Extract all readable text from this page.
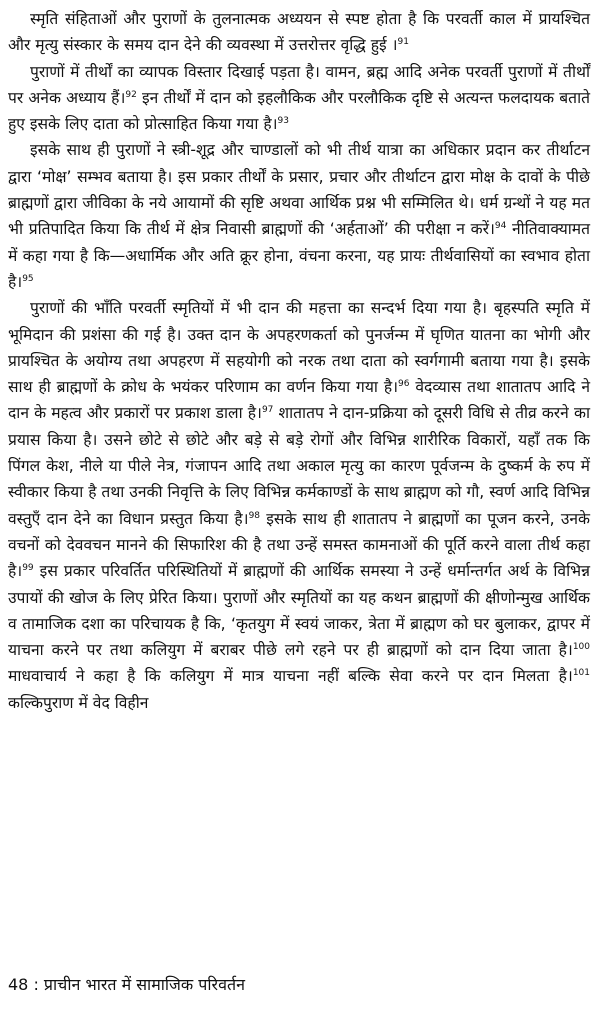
स्मृति संहिताओं और पुराणों के तुलनात्मक अध्ययन से स्पष्ट होता है कि परवर्ती काल में प्रायश्चित और मृत्यु संस्कार के समय दान देने की व्यवस्था में उत्तरोत्तर वृद्धि हुई ।$^{91}$

पुराणों में तीर्थों का व्यापक विस्तार दिखाई पड़ता है। वामन, ब्रह्म आदि अनेक परवर्ती पुराणों में तीर्थों पर अनेक अध्याय हैं।$^{92}$ इन तीर्थों में दान को इहलौकिक और परलौकिक दृष्टि से अत्यन्त फलदायक बताते हुए इसके लिए दाता को प्रोत्साहित किया गया है।$^{93}$

इसके साथ ही पुराणों ने स्त्री-शूद्र और चाण्डालों को भी तीर्थ यात्रा का अधिकार प्रदान कर तीर्थाटन द्वारा ‘मोक्ष’ सम्भव बताया है। इस प्रकार तीर्थों के प्रसार, प्रचार और तीर्थाटन द्वारा मोक्ष के दावों के पीछे ब्राह्मणों द्वारा जीविका के नये आयामों की सृष्टि अथवा आर्थिक प्रश्न भी सम्मिलित थे। धर्म ग्रन्थों ने यह मत भी प्रतिपादित किया कि तीर्थ में क्षेत्र निवासी ब्राह्मणों की ‘अर्हताओं’ की परीक्षा न करें।$^{94}$ नीतिवाक्यामत में कहा गया है कि—अधार्मिक और अति क्रूर होना, वंचना करना, यह प्रायः तीर्थवासियों का स्वभाव होता है।$^{95}$

पुराणों की भाँति परवर्ती स्मृतियों में भी दान की महत्ता का सन्दर्भ दिया गया है। बृहस्पति स्मृति में भूमिदान की प्रशंसा की गई है। उक्त दान के अपहरणकर्ता को पुनर्जन्म में घृणित यातना का भोगी और प्रायश्चित के अयोग्य तथा अपहरण में सहयोगी को नरक तथा दाता को स्वर्गगामी बताया गया है। इसके साथ ही ब्राह्मणों के क्रोध के भयंकर परिणाम का वर्णन किया गया है।$^{96}$ वेदव्यास तथा शातातप आदि ने दान के महत्व और प्रकारों पर प्रकाश डाला है।$^{97}$ शातातप ने दान-प्रक्रिया को दूसरी विधि से तीव्र करने का प्रयास किया है। उसने छोटे से छोटे और बड़े से बड़े रोगों और विभिन्न शारीरिक विकारों, यहाँ तक कि पिंगल केश, नीले या पीले नेत्र, गंजापन आदि तथा अकाल मृत्यु का कारण पूर्वजन्म के दुष्कर्म के रुप में स्वीकार किया है तथा उनकी निवृत्ति के लिए विभिन्न कर्मकाण्डों के साथ ब्राह्मण को गौ, स्वर्ण आदि विभिन्न वस्तुएँ दान देने का विधान प्रस्तुत किया है।$^{98}$ इसके साथ ही शातातप ने ब्राह्मणों का पूजन करने, उनके वचनों को देववचन मानने की सिफारिश की है तथा उन्हें समस्त कामनाओं की पूर्ति करने वाला तीर्थ कहा है।$^{99}$ इस प्रकार परिवर्तित परिस्थितियों में ब्राह्मणों की आर्थिक समस्या ने उन्हें धर्मान्तर्गत अर्थ के विभिन्न उपायों की खोज के लिए प्रेरित किया। पुराणों और स्मृतियों का यह कथन ब्राह्मणों की क्षीणोन्मुख आर्थिक व तामाजिक दशा का परिचायक है कि, ‘कृतयुग में स्वयं जाकर, त्रेता में ब्राह्मण को घर बुलाकर, द्वापर में याचना करने पर तथा कलियुग में बराबर पीछे लगे रहने पर ही ब्राह्मणों को दान दिया जाता है।$^{100}$ माधवाचार्य ने कहा है कि कलियुग में मात्र याचना नहीं बल्कि सेवा करने पर दान मिलता है।$^{101}$ कल्किपुराण में वेद विहीन

48 : प्राचीन भारत में सामाजिक परिवर्तन
